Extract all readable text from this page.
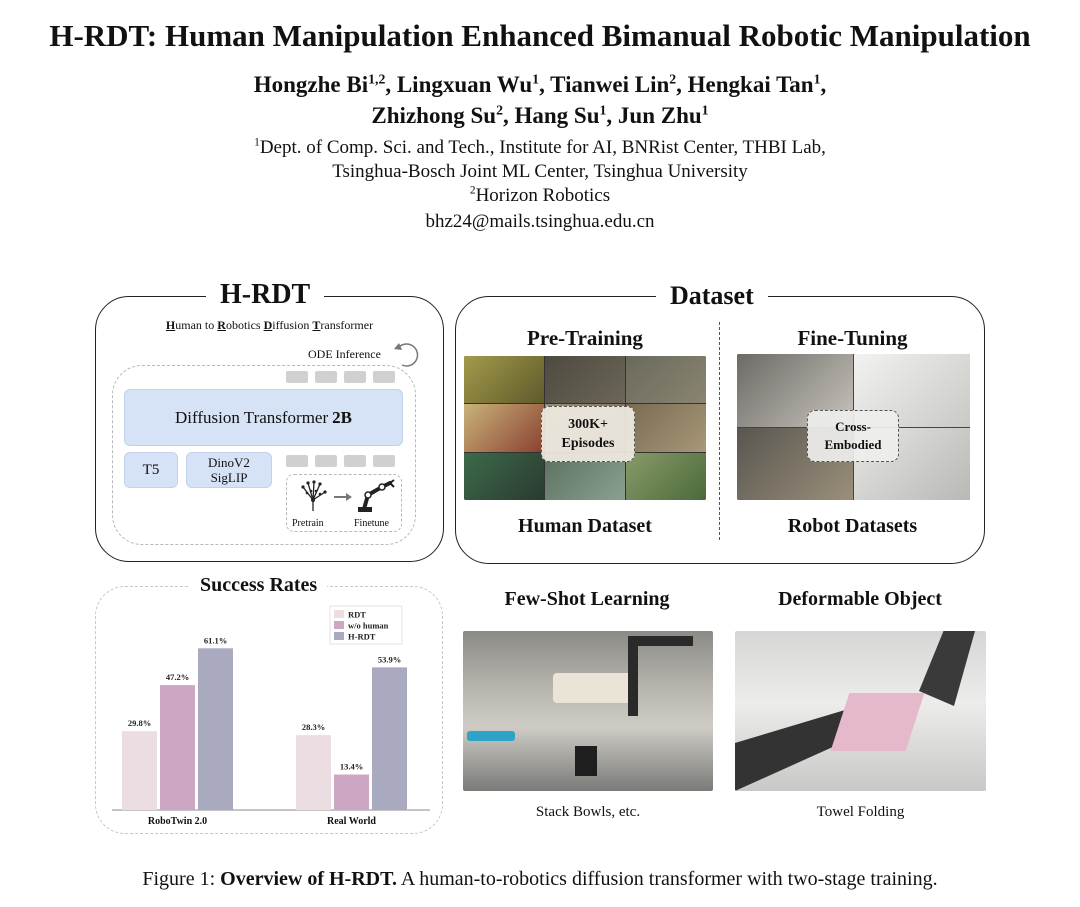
H-RDT: Human Manipulation Enhanced Bimanual Robotic Manipulation
Hongzhe Bi$^{1,2}$, Lingxuan Wu$^1$, Tianwei Lin$^2$, Hengkai Tan$^1$,
Zhizhong Su$^2$, Hang Su$^1$, Jun Zhu$^1$
$^1$Dept. of Comp. Sci. and Tech., Institute for AI, BNRist Center, THBI Lab,
Tsinghua-Bosch Joint ML Center, Tsinghua University
$^2$Horizon Robotics
bhz24@mails.tsinghua.edu.cn
H-RDT
Human to Robotics Diffusion Transformer
ODE Inference
Diffusion Transformer 2B
T5	DinoV2
SigLIP
Pretrain	Finetune
Dataset
Pre-Training	Fine-Tuning
300K+
Episodes
Cross-
Embodied
Human Dataset	Robot Datasets
Success Rates
29.8%
47.2%
61.1%
RoboTwin 2.0
28.3%
13.4%
53.9%
Real World
RDT
w/o human
H-RDT
Few-Shot Learning	Deformable Object
Stack Bowls, etc.	Towel Folding
Figure 1: Overview of H-RDT. A human-to-robotics diffusion transformer with two-stage training.
